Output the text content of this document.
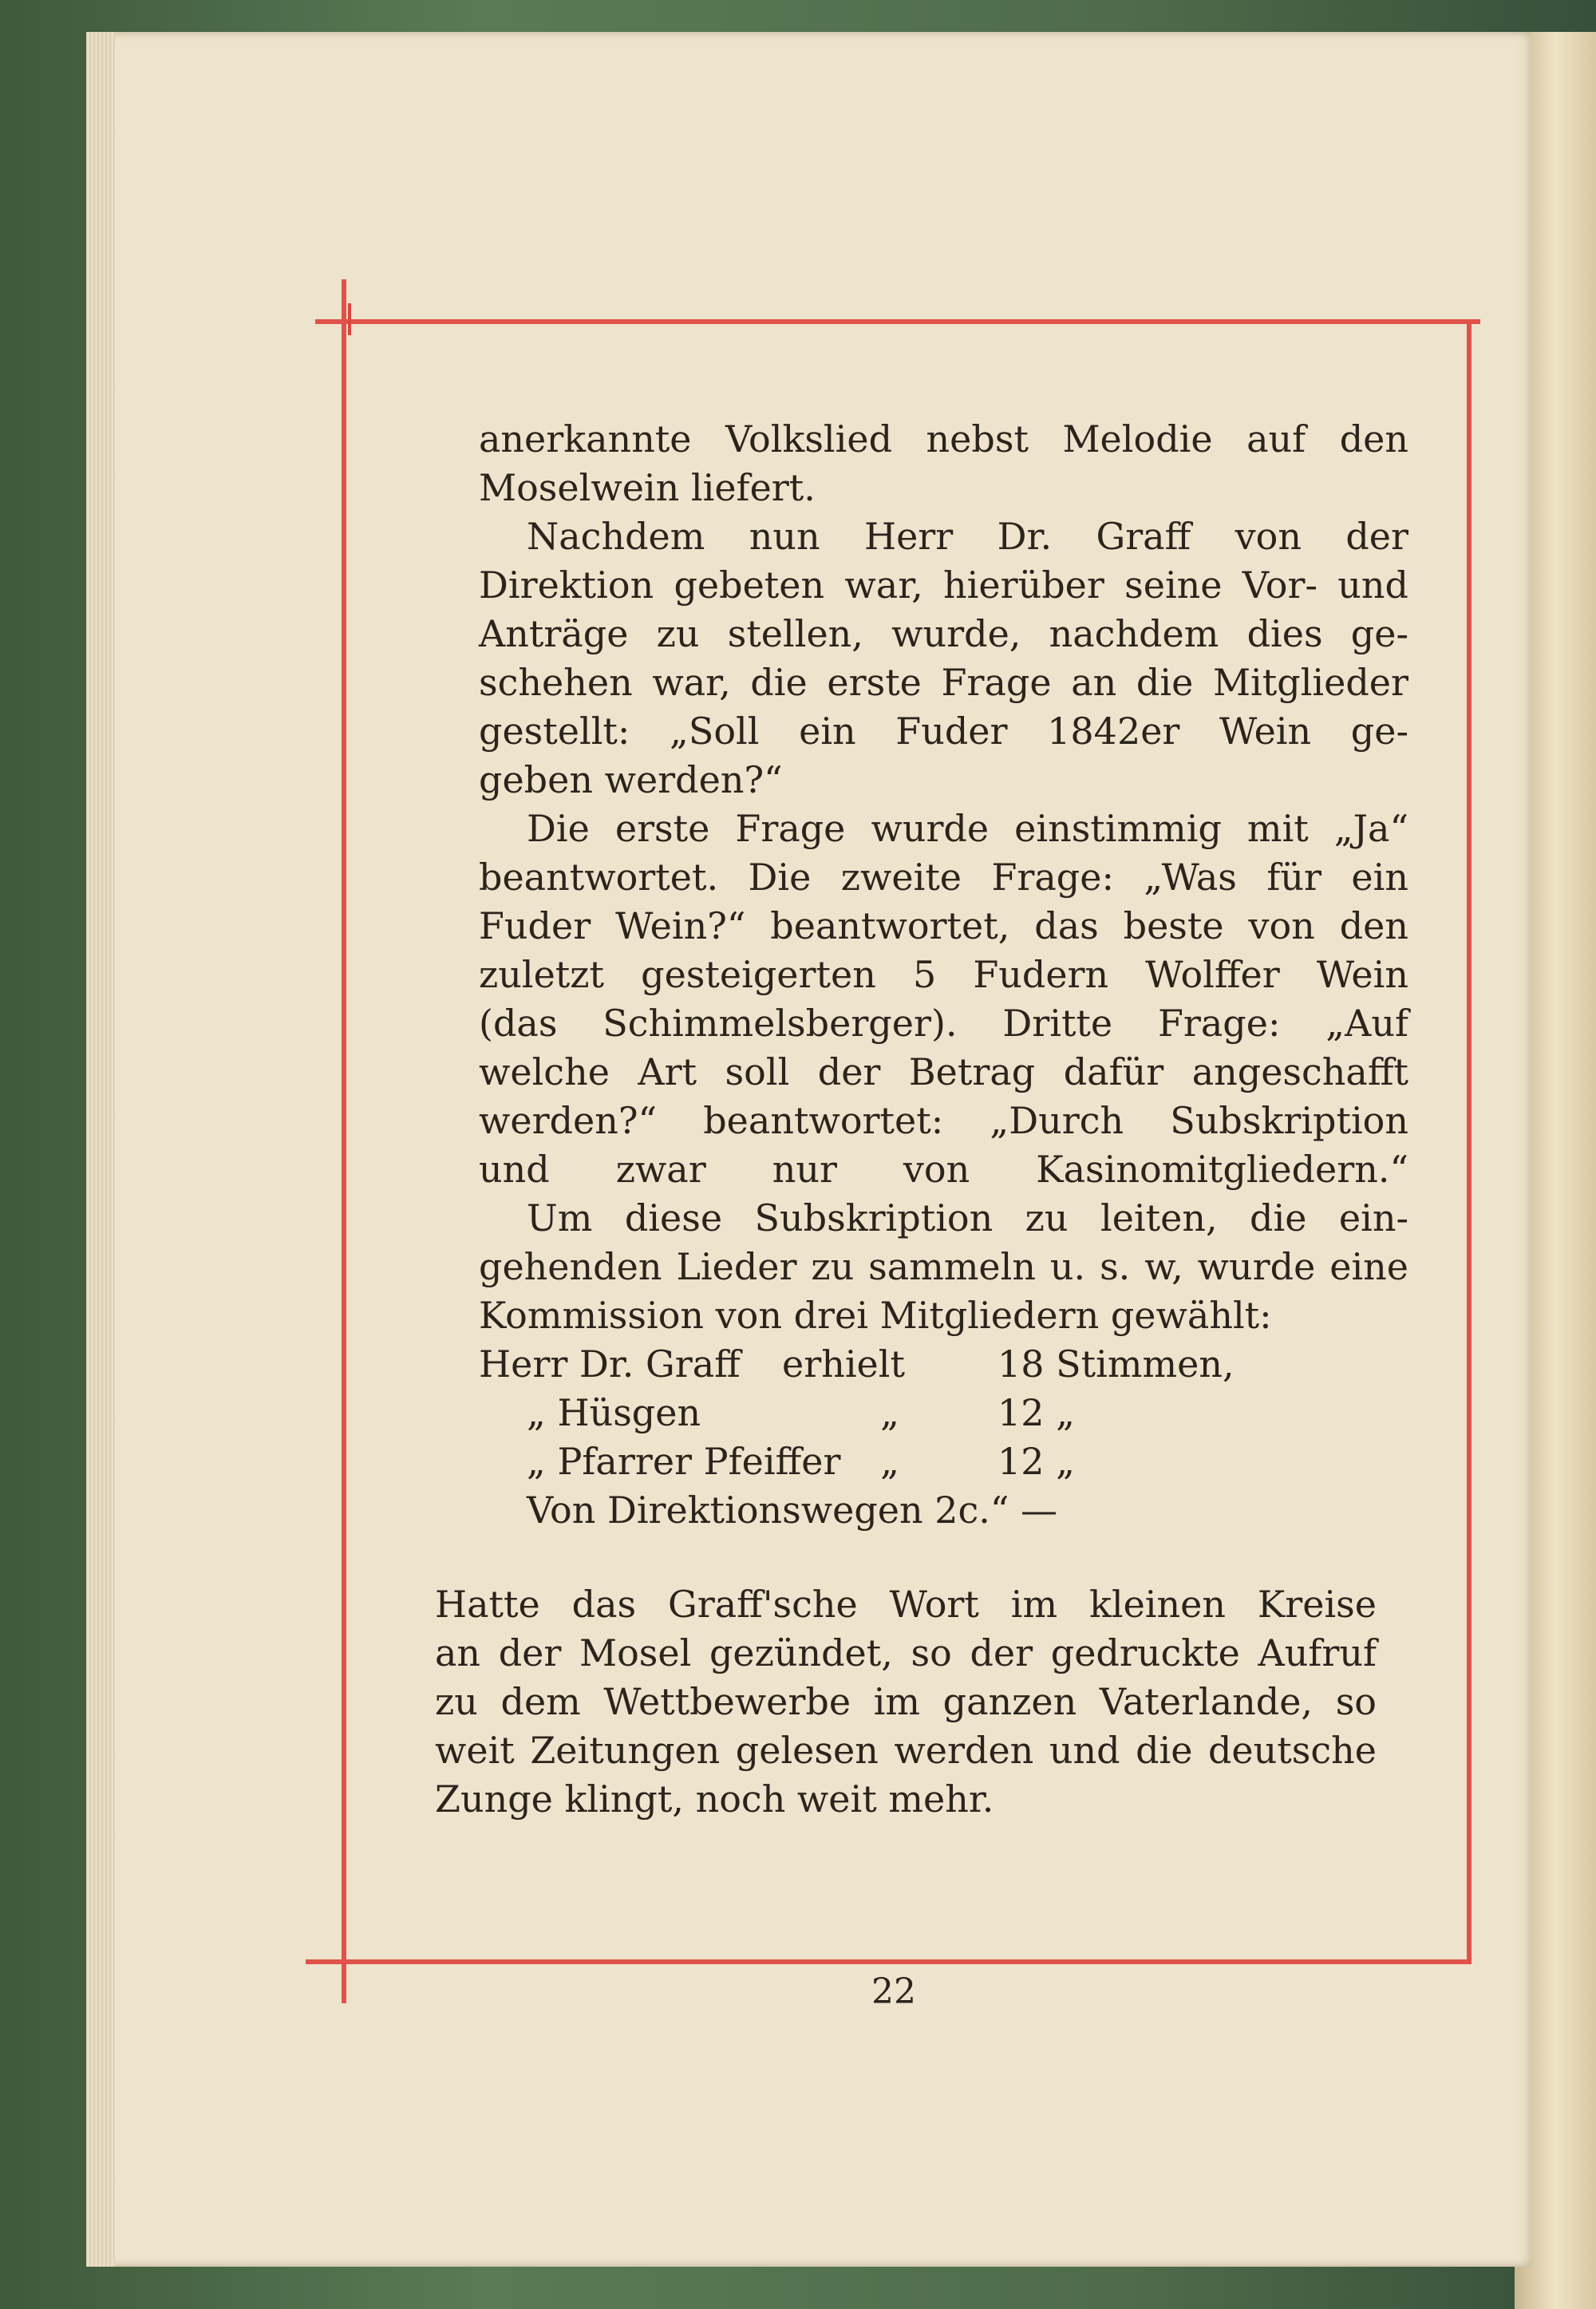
anerkannte Volkslied nebst Melodie auf den
Moselwein liefert.
Nachdem nun Herr Dr. Graff von der
Direktion gebeten war, hierüber seine Vor- und
Anträge zu stellen, wurde, nachdem dies ge-
schehen war, die erste Frage an die Mitglieder
gestellt: „Soll ein Fuder 1842er Wein ge-
geben werden?“
Die erste Frage wurde einstimmig mit „Ja“
beantwortet. Die zweite Frage: „Was für ein
Fuder Wein?“ beantwortet, das beste von den
zuletzt gesteigerten 5 Fudern Wolffer Wein
(das Schimmelsberger). Dritte Frage: „Auf
welche Art soll der Betrag dafür angeschafft
werden?“ beantwortet: „Durch Subskription
und zwar nur von Kasinomitgliedern.“
Um diese Subskription zu leiten, die ein-
gehenden Lieder zu sammeln u. s. w, wurde eine
Kommission von drei Mitgliedern gewählt:
Herr Dr. Graff	erhielt	18 Stimmen,
„ Hüsgen	„	12 „
„ Pfarrer Pfeiffer	„	12 „
Von Direktionswegen 2c.“ —
Hatte das Graff'sche Wort im kleinen Kreise
an der Mosel gezündet, so der gedruckte Aufruf
zu dem Wettbewerbe im ganzen Vaterlande, so
weit Zeitungen gelesen werden und die deutsche
Zunge klingt, noch weit mehr.
22
